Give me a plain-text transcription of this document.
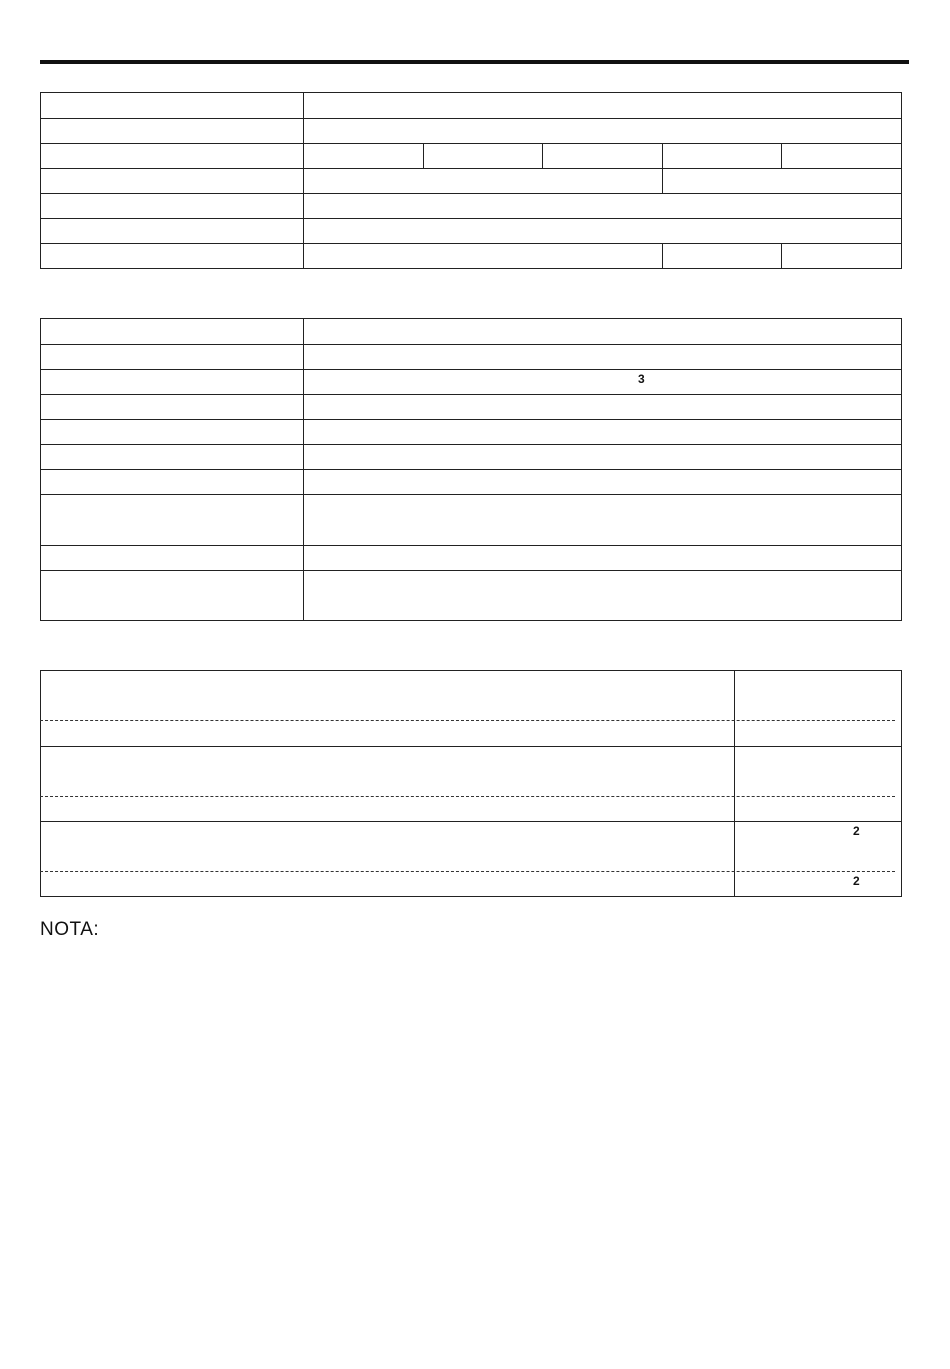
3
2
2
NOTA:
